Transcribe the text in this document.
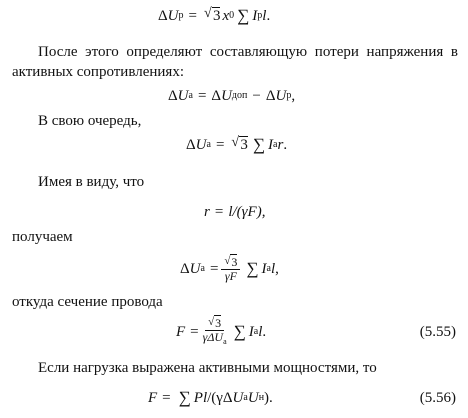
Δ U р = √ 3 x 0 ∑ I р l .
После этого определяют составляющую потери напряжения в активных сопротивлениях:
Δ U а = Δ U доп − Δ U р ,
В свою очередь,
Δ U а = √ 3 ∑ I а r .
Имея в виду, что
r = l/(γF),
получаем
Δ U $а = \frac{√ 3}{\gamma F}$ ∑ I а l ,
откуда сечение провода
$F = \frac{√ 3}{\gamma\Delta U_а}$ ∑ I а l .	(5.55)
Если нагрузка выражена активными мощностями, то
F = ∑ P l /(γΔ U а U н ).	(5.56)
